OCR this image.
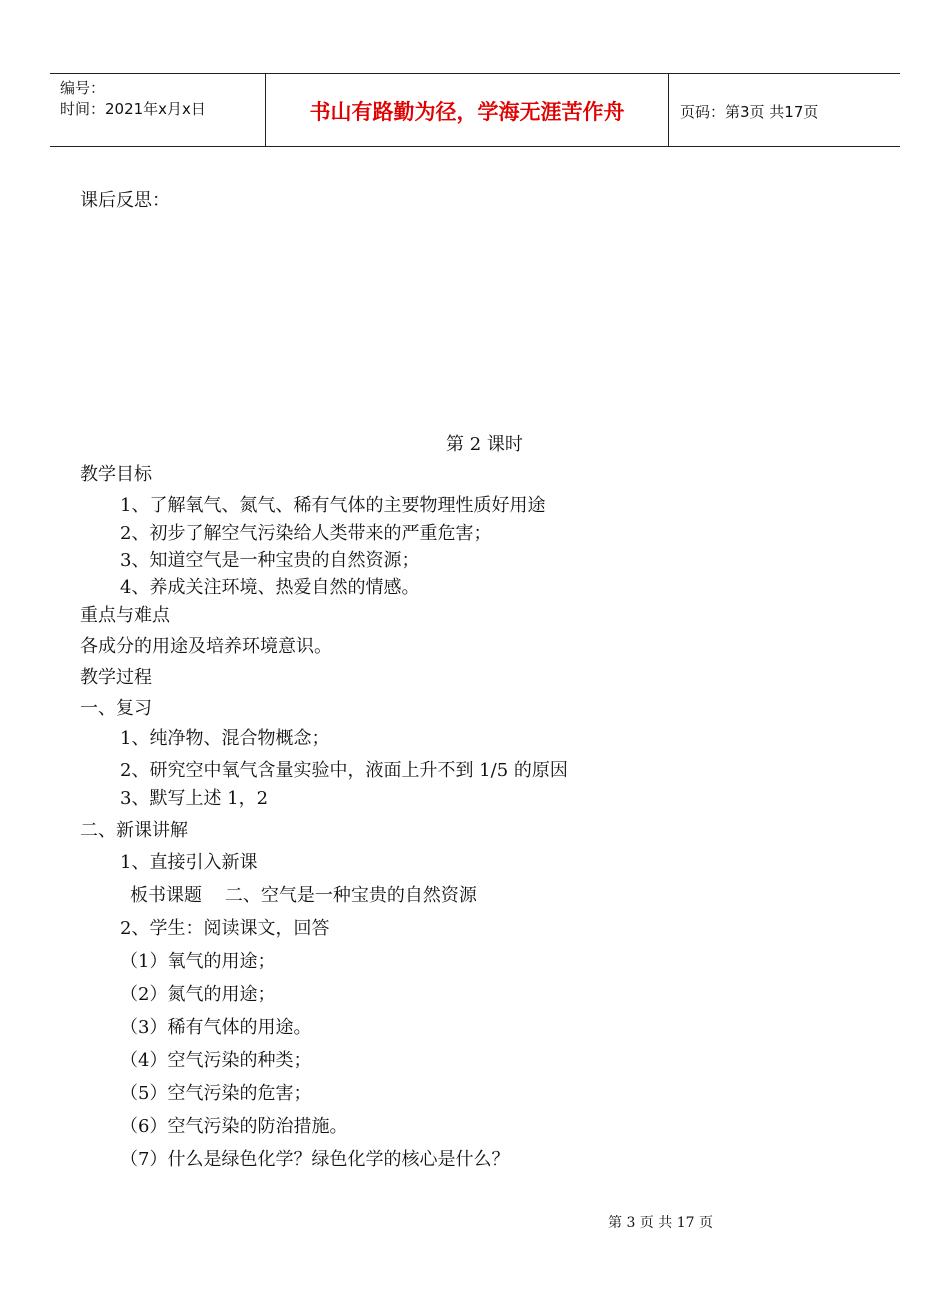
编号：
时间：2021年x月x日	书山有路勤为径，学海无涯苦作舟	页码：第3页 共17页
课后反思：
第 2 课时
教学目标
1、了解氧气、氮气、稀有气体的主要物理性质好用途
2、初步了解空气污染给人类带来的严重危害；
3、知道空气是一种宝贵的自然资源；
4、养成关注环境、热爱自然的情感。
重点与难点
各成分的用途及培养环境意识。
教学过程
一、复习
1、纯净物、混合物概念；
2、研究空中氧气含量实验中，液面上升不到 1/5 的原因
3、默写上述 1，2
二、新课讲解
1、直接引入新课
板书课题    二、空气是一种宝贵的自然资源
2、学生：阅读课文，回答
（1）氧气的用途；
（2）氮气的用途；
（3）稀有气体的用途。
（4）空气污染的种类；
（5）空气污染的危害；
（6）空气污染的防治措施。
（7）什么是绿色化学？绿色化学的核心是什么？
第 3 页 共 17 页
